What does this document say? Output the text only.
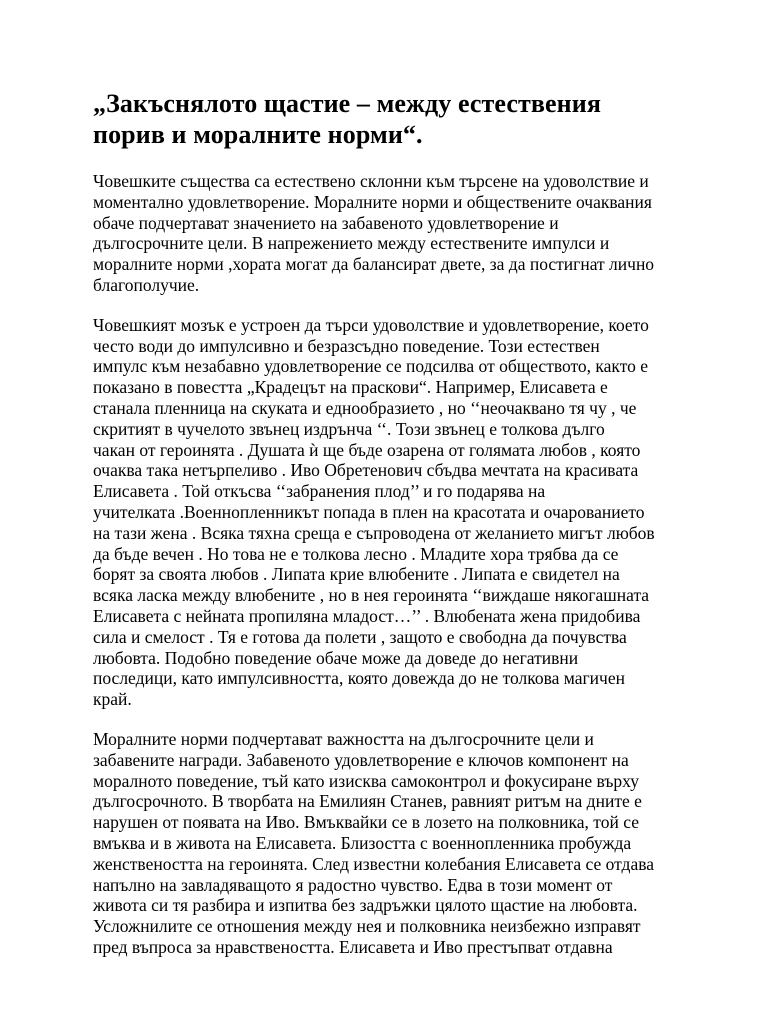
„Закъснялото щастие – между естествения
порив и моралните норми“.

Човешките същества са естествено склонни към търсене на удоволствие и
моментално удовлетворение. Моралните норми и обществените очаквания
обаче подчертават значението на забавеното удовлетворение и
дългосрочните цели. В напрежението между естествените импулси и
моралните норми ,хората могат да балансират двете, за да постигнат лично
благополучие.

Човешкият мозък е устроен да търси удоволствие и удовлетворение, което
често води до импулсивно и безразсъдно поведение. Този естествен
импулс към незабавно удовлетворение се подсилва от обществото, както е
показано в повестта „Крадецът на праскови“. Например, Елисавета е
станала пленница на скуката и еднообразието , но ‘‘неочаквано тя чу , че
скритият в чучелото звънец издрънча ‘‘. Този звънец е толкова дълго
чакан от героинята . Душата ѝ ще бъде озарена от голямата любов , която
очаква така нетърпеливо . Иво Обретенович сбъдва мечтата на красивата
Елисавета . Той откъсва ‘‘забранения плод’’ и го подарява на
учителката .Военнопленникът попада в плен на красотата и очарованието
на тази жена . Всяка тяхна среща е съпроводена от желанието мигът любов
да бъде вечен . Но това не е толкова лесно . Младите хора трябва да се
борят за своята любов . Липата крие влюбените . Липата е свидетел на
всяка ласка между влюбените , но в нея героинята ‘‘виждаше някогашната
Елисавета с нейната пропиляна младост…’’ . Влюбената жена придобива
сила и смелост . Тя е готова да полети , защото е свободна да почувства
любовта. Подобно поведение обаче може да доведе до негативни
последици, като импулсивността, която довежда до не толкова магичен
край.

Моралните норми подчертават важността на дългосрочните цели и
забавените награди. Забавеното удовлетворение е ключов компонент на
моралното поведение, тъй като изисква самоконтрол и фокусиране върху
дългосрочното. В творбата на Емилиян Станев, равният ритъм на дните е
нарушен от появата на Иво. Вмъквайки се в лозето на полковника, той се
вмъква и в живота на Елисавета. Близостта с военнопленника пробужда
женствеността на героинята. След известни колебания Елисавета се отдава
напълно на завладяващото я радостно чувство. Едва в този момент от
живота си тя разбира и изпитва без задръжки цялото щастие на любовта.
Усложнилите се отношения между нея и полковника неизбежно изправят
пред въпроса за нравствеността. Елисавета и Иво престъпват отдавна
